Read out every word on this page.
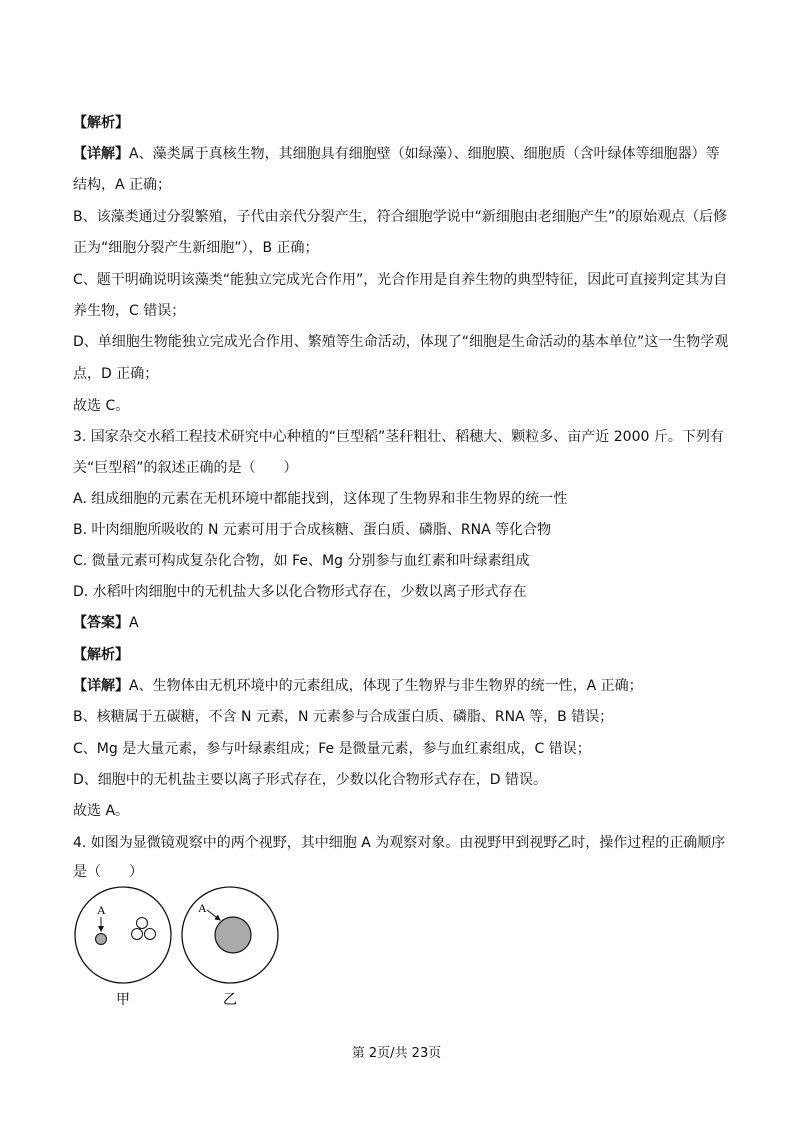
【解析】
【详解】A、藻类属于真核生物，其细胞具有细胞壁（如绿藻）、细胞膜、细胞质（含叶绿体等细胞器）等
结构，A 正确；
B、该藻类通过分裂繁殖，子代由亲代分裂产生，符合细胞学说中“新细胞由老细胞产生”的原始观点（后修
正为“细胞分裂产生新细胞”），B 正确；
C、题干明确说明该藻类“能独立完成光合作用”，光合作用是自养生物的典型特征，因此可直接判定其为自
养生物，C 错误；
D、单细胞生物能独立完成光合作用、繁殖等生命活动，体现了“细胞是生命活动的基本单位”这一生物学观
点，D 正确；
故选 C。
3. 国家杂交水稻工程技术研究中心种植的“巨型稻”茎秆粗壮、稻穗大、颗粒多、亩产近 2000 斤。下列有
关“巨型稻”的叙述正确的是（　　）
A. 组成细胞的元素在无机环境中都能找到，这体现了生物界和非生物界的统一性
B. 叶肉细胞所吸收的 N 元素可用于合成核糖、蛋白质、磷脂、RNA 等化合物
C. 微量元素可构成复杂化合物，如 Fe、Mg 分别参与血红素和叶绿素组成
D. 水稻叶肉细胞中的无机盐大多以化合物形式存在，少数以离子形式存在
【答案】A
【解析】
【详解】A、生物体由无机环境中的元素组成，体现了生物界与非生物界的统一性，A 正确；
B、核糖属于五碳糖，不含 N 元素，N 元素参与合成蛋白质、磷脂、RNA 等，B 错误；
C、Mg 是大量元素，参与叶绿素组成；Fe 是微量元素，参与血红素组成，C 错误；
D、细胞中的无机盐主要以离子形式存在，少数以化合物形式存在，D 错误。
故选 A。
4. 如图为显微镜观察中的两个视野，其中细胞 A 为观察对象。由视野甲到视野乙时，操作过程的正确顺序
是（　　）
A
甲
A
乙
第 2页/共 23页
